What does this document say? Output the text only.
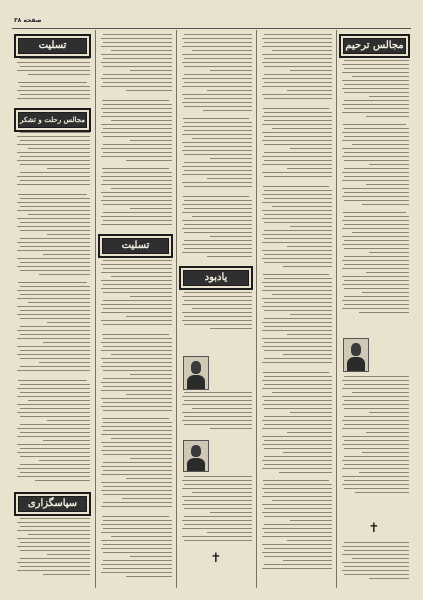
صفحه ۳۸
تسلیت
مجالس رحلت و تشکر
سپاسگزاری
تسلیت
یادبود
✝
مجالس ترحیم
✝
